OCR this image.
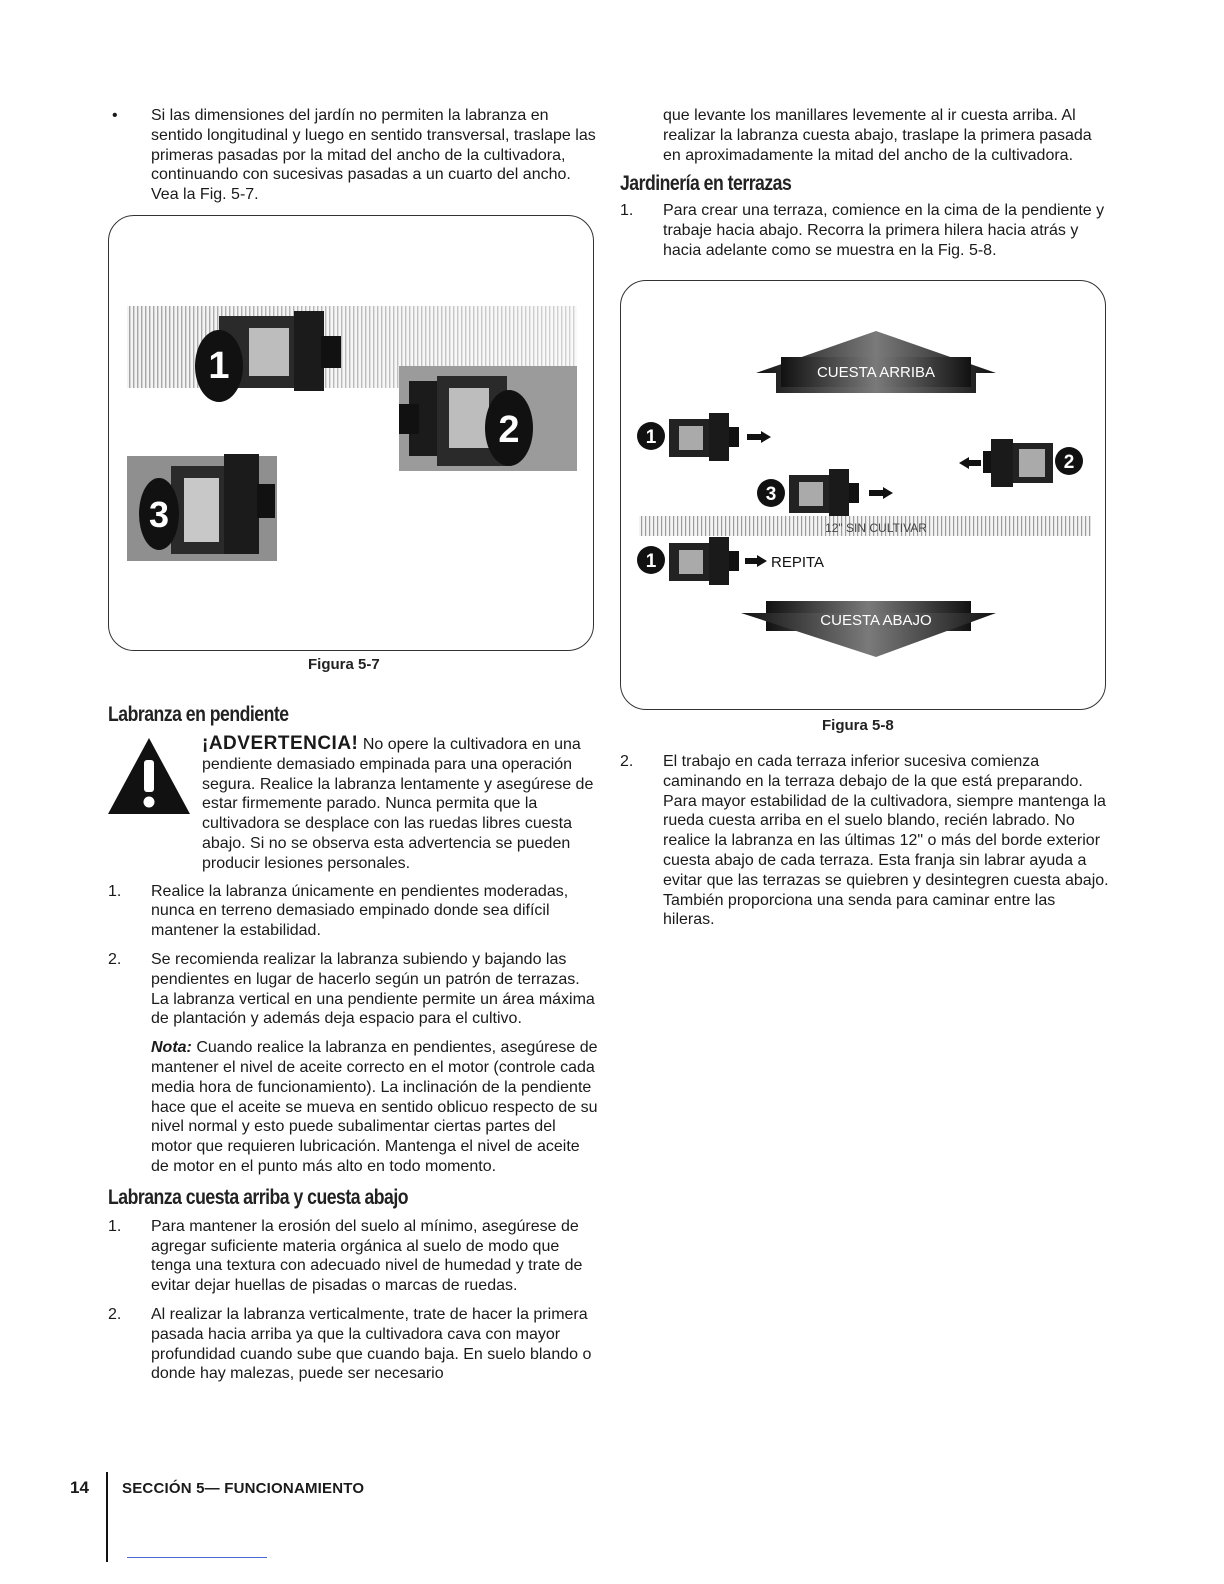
• Si las dimensiones del jardín no permiten la labranza en sentido longitudinal y luego en sentido transversal, traslape las primeras pasadas por la mitad del ancho de la cultivadora, continuando con sucesivas pasadas a un cuarto del ancho. Vea la Fig. 5-7.
1
2
3
Figura 5-7
Labranza en pendiente
¡ADVERTENCIA! No opere la cultivadora en una pendiente demasiado empinada para una operación segura. Realice la labranza lentamente y asegúrese de estar firmemente parado. Nunca permita que la cultivadora se desplace con las ruedas libres cuesta abajo. Si no se observa esta advertencia se pueden producir lesiones personales.
1. Realice la labranza únicamente en pendientes moderadas, nunca en terreno demasiado empinado donde sea difícil mantener la estabilidad.
2. Se recomienda realizar la labranza subiendo y bajando las pendientes en lugar de hacerlo según un patrón de terrazas. La labranza vertical en una pendiente permite un área máxima de plantación y además deja espacio para el cultivo.
Nota: Cuando realice la labranza en pendientes, asegúrese de mantener el nivel de aceite correcto en el motor (controle cada media hora de funcionamiento). La inclinación de la pendiente hace que el aceite se mueva en sentido oblicuo respecto de su nivel normal y esto puede subalimentar ciertas partes del motor que requieren lubricación. Mantenga el nivel de aceite de motor en el punto más alto en todo momento.
Labranza cuesta arriba y cuesta abajo
1. Para mantener la erosión del suelo al mínimo, asegúrese de agregar suficiente materia orgánica al suelo de modo que tenga una textura con adecuado nivel de humedad y trate de evitar dejar huellas de pisadas o marcas de ruedas.
2. Al realizar la labranza verticalmente, trate de hacer la primera pasada hacia arriba ya que la cultivadora cava con mayor profundidad cuando sube que cuando baja. En suelo blando o donde hay malezas, puede ser necesario
que levante los manillares levemente al ir cuesta arriba. Al realizar la labranza cuesta abajo, traslape la primera pasada en aproximadamente la mitad del ancho de la cultivadora.
Jardinería en terrazas
1. Para crear una terraza, comience en la cima de la pendiente y trabaje hacia abajo. Recorra la primera hilera hacia atrás y hacia adelante como se muestra en la Fig. 5-8.
CUESTA ARRIBA
1
2
3
12" SIN CULTIVAR
1	REPITA
CUESTA ABAJO
Figura 5-8
2. El trabajo en cada terraza inferior sucesiva comienza caminando en la terraza debajo de la que está preparando. Para mayor estabilidad de la cultivadora, siempre mantenga la rueda cuesta arriba en el suelo blando, recién labrado. No realice la labranza en las últimas 12" o más del borde exterior cuesta abajo de cada terraza. Esta franja sin labrar ayuda a evitar que las terrazas se quiebren y desintegren cuesta abajo. También proporciona una senda para caminar entre las hileras.
14 SECCIÓN 5— FUNCIONAMIENTO
